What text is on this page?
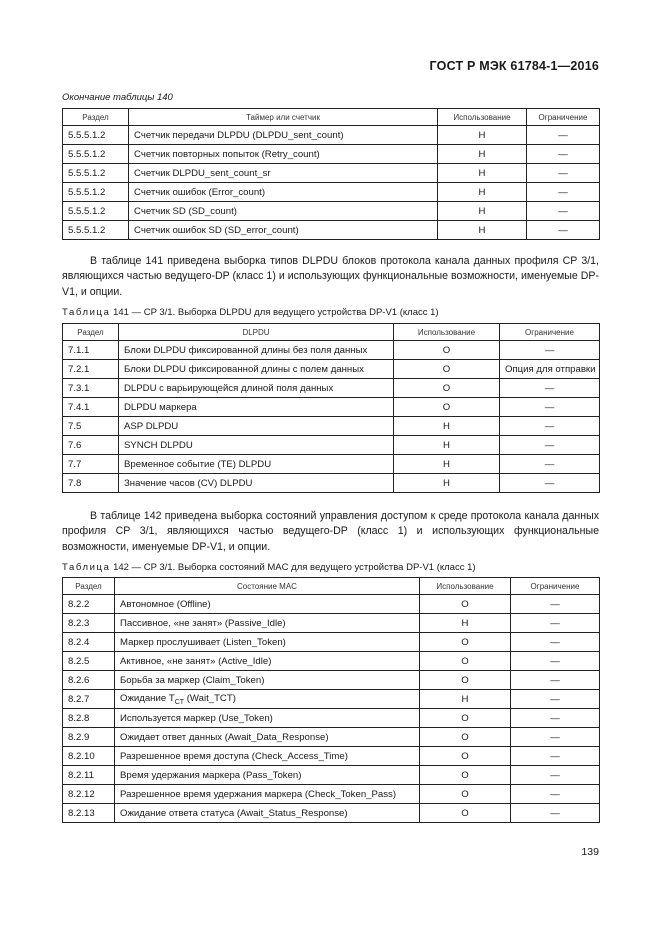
ГОСТ Р МЭК 61784-1—2016
Окончание таблицы 140
Раздел	Таймер или счетчик	Использование	Ограничение
5.5.5.1.2	Счетчик передачи DLPDU (DLPDU_sent_count)	Н	—
5.5.5.1.2	Счетчик повторных попыток (Retry_count)	Н	—
5.5.5.1.2	Счетчик DLPDU_sent_count_sr	Н	—
5.5.5.1.2	Счетчик ошибок (Error_count)	Н	—
5.5.5.1.2	Счетчик SD (SD_count)	Н	—
5.5.5.1.2	Счетчик ошибок SD (SD_error_count)	Н	—

В таблице 141 приведена выборка типов DLPDU блоков протокола канала данных профиля CP 3/1, являющихся частью ведущего-DP (класс 1) и использующих функциональные возможности, именуемые DP-V1, и опции.

Таблица 141 — CP 3/1. Выборка DLPDU для ведущего устройства DP-V1 (класс 1)
Раздел	DLPDU	Использование	Ограничение
7.1.1	Блоки DLPDU фиксированной длины без поля данных	О	—
7.2.1	Блоки DLPDU фиксированной длины с полем данных	О	Опция для отправки
7.3.1	DLPDU с варьирующейся длиной поля данных	О	—
7.4.1	DLPDU маркера	О	—
7.5	ASP DLPDU	Н	—
7.6	SYNCH DLPDU	Н	—
7.7	Временное событие (TE) DLPDU	Н	—
7.8	Значение часов (CV) DLPDU	Н	—

В таблице 142 приведена выборка состояний управления доступом к среде протокола канала данных профиля CP 3/1, являющихся частью ведущего-DP (класс 1) и использующих функциональные возможности, именуемые DP-V1, и опции.

Таблица 142 — CP 3/1. Выборка состояний MAC для ведущего устройства DP-V1 (класс 1)
Раздел	Состояние MAC	Использование	Ограничение
8.2.2	Автономное (Offline)	О	—
8.2.3	Пассивное, «не занят» (Passive_Idle)	Н	—
8.2.4	Маркер прослушивает (Listen_Token)	О	—
8.2.5	Активное, «не занят» (Active_Idle)	О	—
8.2.6	Борьба за маркер (Claim_Token)	О	—
8.2.7	Ожидание $T_{CT}$ (Wait_TCT)	Н	—
8.2.8	Используется маркер (Use_Token)	О	—
8.2.9	Ожидает ответ данных (Await_Data_Response)	О	—
8.2.10	Разрешенное время доступа (Check_Access_Time)	О	—
8.2.11	Время удержания маркера (Pass_Token)	О	—
8.2.12	Разрешенное время удержания маркера (Check_Token_Pass)	О	—
8.2.13	Ожидание ответа статуса (Await_Status_Response)	О	—
139
